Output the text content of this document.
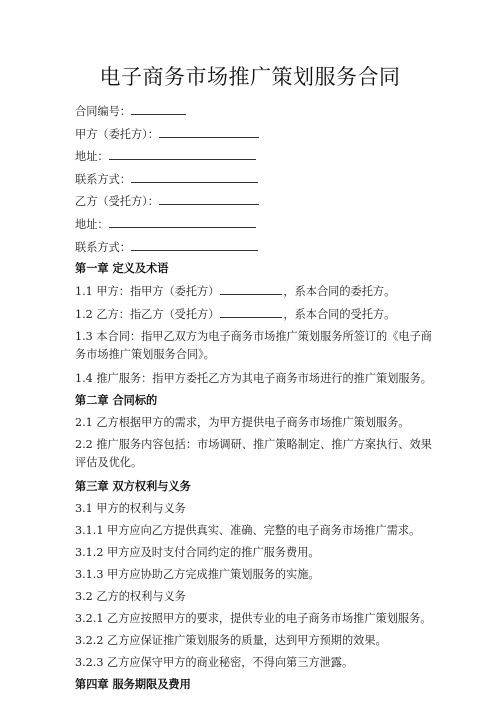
电子商务市场推广策划服务合同
合同编号：
甲方（委托方）：
地址：
联系方式：
乙方（受托方）：
地址：
联系方式：
第一章 定义及术语
1.1 甲方：指甲方（委托方）	，系本合同的委托方。
1.2 乙方：指乙方（受托方）	，系本合同的受托方。
1.3 本合同：指甲乙双方为电子商务市场推广策划服务所签订的《电子商务市场推广策划服务合同》。
1.4 推广服务：指甲方委托乙方为其电子商务市场进行的推广策划服务。
第二章 合同标的
2.1 乙方根据甲方的需求，为甲方提供电子商务市场推广策划服务。
2.2 推广服务内容包括：市场调研、推广策略制定、推广方案执行、效果评估及优化。
第三章 双方权利与义务
3.1 甲方的权利与义务
3.1.1 甲方应向乙方提供真实、准确、完整的电子商务市场推广需求。
3.1.2 甲方应及时支付合同约定的推广服务费用。
3.1.3 甲方应协助乙方完成推广策划服务的实施。
3.2 乙方的权利与义务
3.2.1 乙方应按照甲方的要求，提供专业的电子商务市场推广策划服务。
3.2.2 乙方应保证推广策划服务的质量，达到甲方预期的效果。
3.2.3 乙方应保守甲方的商业秘密，不得向第三方泄露。
第四章 服务期限及费用
